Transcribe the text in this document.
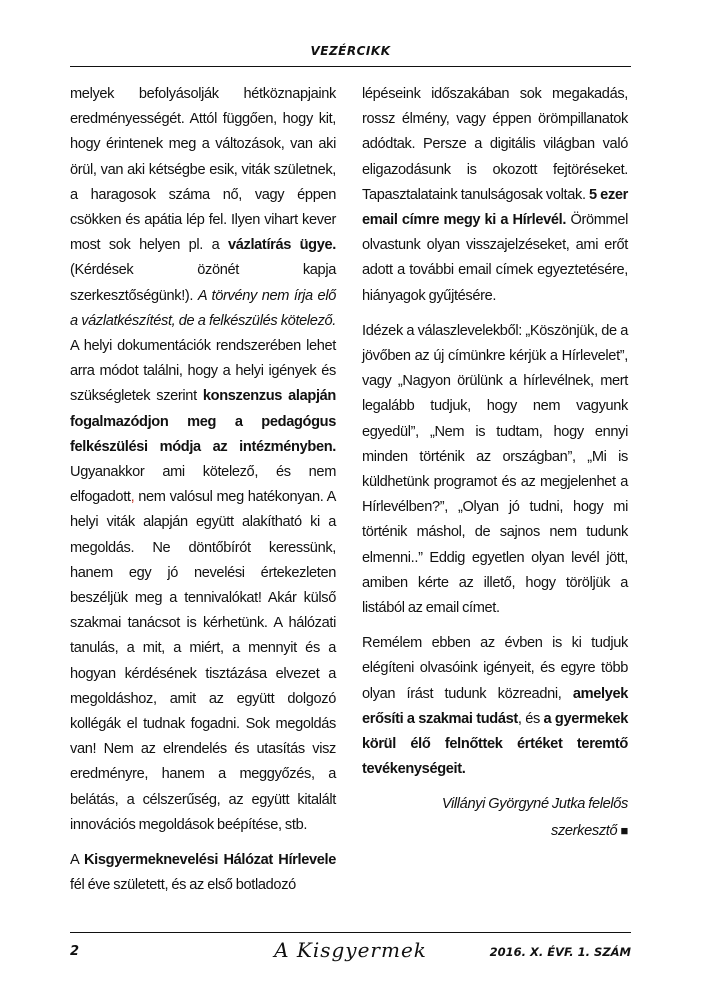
VEZÉRCIKK

melyek befolyásolják hétköznapjaink eredményességét. Attól függően, hogy kit, hogy érintenek meg a változások, van aki örül, van aki kétségbe esik, viták születnek, a haragosok száma nő, vagy éppen csökken és apátia lép fel. Ilyen vihart kever most sok helyen pl. a vázlatírás ügye. (Kérdések özönét kapja szerkesztőségünk!). A törvény nem írja elő a vázlatkészítést, de a felkészülés kötelező. A helyi dokumentációk rendszerében lehet arra módot találni, hogy a helyi igények és szükségletek szerint konszenzus alapján fogalmazódjon meg a pedagógus felkészülési módja az intézményben. Ugyanakkor ami kötelező, és nem elfogadott, nem valósul meg hatékonyan. A helyi viták alapján együtt alakítható ki a megoldás. Ne döntőbírót keressünk, hanem egy jó nevelési értekezleten beszéljük meg a tennivalókat! Akár külső szakmai tanácsot is kérhetünk. A hálózati tanulás, a mit, a miért, a mennyit és a hogyan kérdésének tisztázása elvezet a megoldáshoz, amit az együtt dolgozó kollégák el tudnak fogadni. Sok megoldás van! Nem az elrendelés és utasítás visz eredményre, hanem a meggyőzés, a belátás, a célszerűség, az együtt kitalált innovációs megoldások beépítése, stb.

A Kisgyermeknevelési Hálózat Hírlevele fél éve született, és az első botladozó

lépéseink időszakában sok megakadás, rossz élmény, vagy éppen örömpillanatok adódtak. Persze a digitális világban való eligazodásunk is okozott fejtöréseket. Tapasztalataink tanulságosak voltak. 5 ezer email címre megy ki a Hírlevél. Örömmel olvastunk olyan visszajelzéseket, ami erőt adott a további email címek egyeztetésére, hiányagok gyűjtésére.

Idézek a válaszlevelekből: „Köszönjük, de a jövőben az új címünkre kérjük a Hírlevelet”, vagy „Nagyon örülünk a hírlevélnek, mert legalább tudjuk, hogy nem vagyunk egyedül”, „Nem is tudtam, hogy ennyi minden történik az országban”, „Mi is küldhetünk programot és az megjelenhet a Hírlevélben?”, „Olyan jó tudni, hogy mi történik máshol, de sajnos nem tudunk elmenni..” Eddig egyetlen olyan levél jött, amiben kérte az illető, hogy töröljük a listából az email címet.

Remélem ebben az évben is ki tudjuk elégíteni olvasóink igényeit, és egyre több olyan írást tudunk közreadni, amelyek erősíti a szakmai tudást, és a gyermekek körül élő felnőttek értéket teremtő tevékenységeit.

Villányi Györgyné Jutka felelős
szerkesztő ■

2	A Kisgyermek	2016. X. ÉVF. 1. SZÁM
